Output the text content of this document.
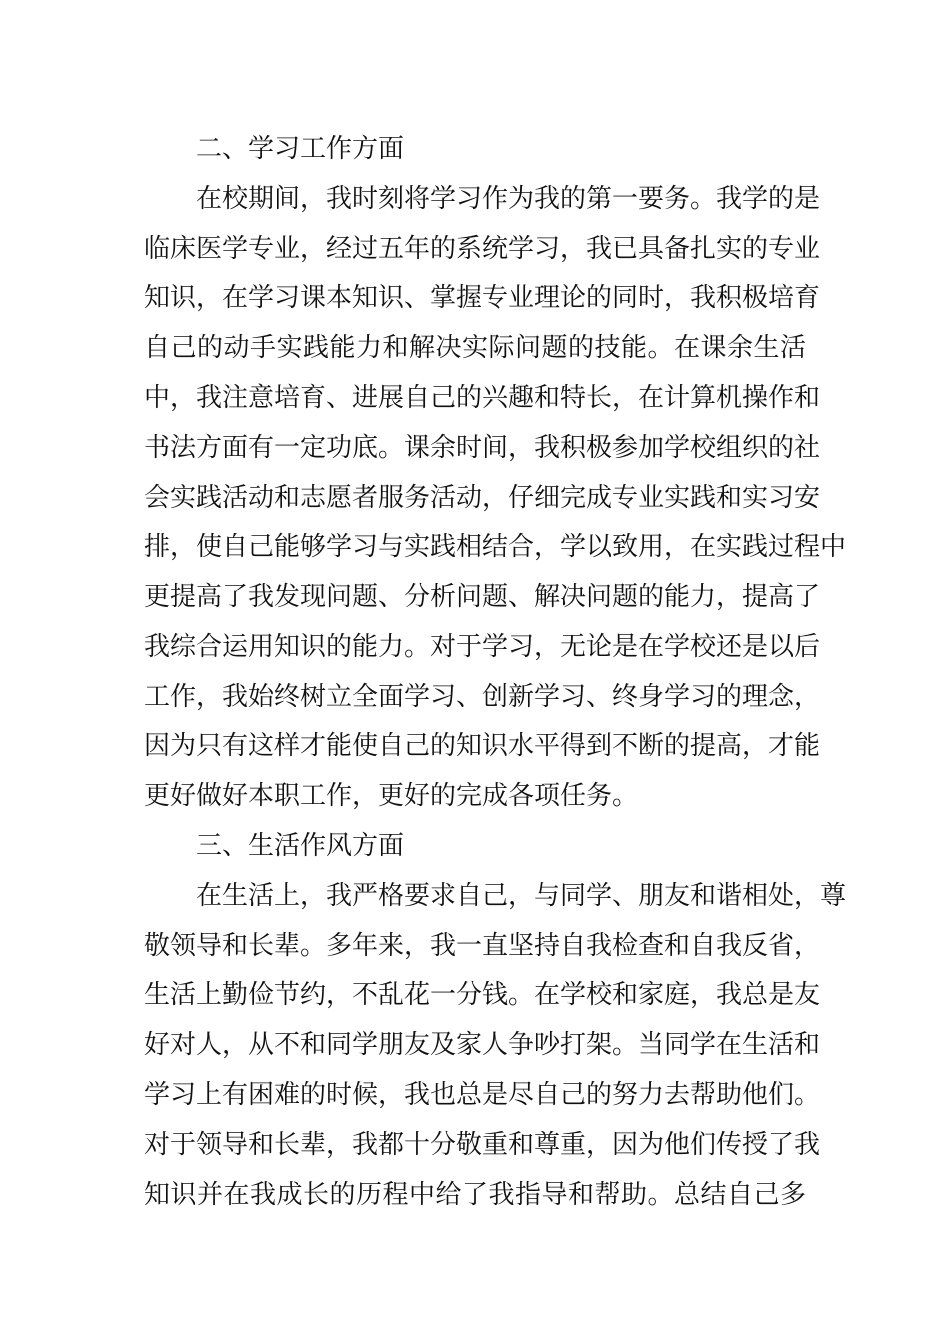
二、学习工作方面
在校期间，我时刻将学习作为我的第一要务。我学的是
临床医学专业，经过五年的系统学习，我已具备扎实的专业
知识，在学习课本知识、掌握专业理论的同时，我积极培育
自己的动手实践能力和解决实际问题的技能。在课余生活
中，我注意培育、进展自己的兴趣和特长，在计算机操作和
书法方面有一定功底。课余时间，我积极参加学校组织的社
会实践活动和志愿者服务活动，仔细完成专业实践和实习安
排，使自己能够学习与实践相结合，学以致用，在实践过程中
更提高了我发现问题、分析问题、解决问题的能力，提高了
我综合运用知识的能力。对于学习，无论是在学校还是以后
工作，我始终树立全面学习、创新学习、终身学习的理念，
因为只有这样才能使自己的知识水平得到不断的提高，才能
更好做好本职工作，更好的完成各项任务。
三、生活作风方面
在生活上，我严格要求自己，与同学、朋友和谐相处，尊
敬领导和长辈。多年来，我一直坚持自我检查和自我反省，
生活上勤俭节约，不乱花一分钱。在学校和家庭，我总是友
好对人，从不和同学朋友及家人争吵打架。当同学在生活和
学习上有困难的时候，我也总是尽自己的努力去帮助他们。
对于领导和长辈，我都十分敬重和尊重，因为他们传授了我
知识并在我成长的历程中给了我指导和帮助。总结自己多
